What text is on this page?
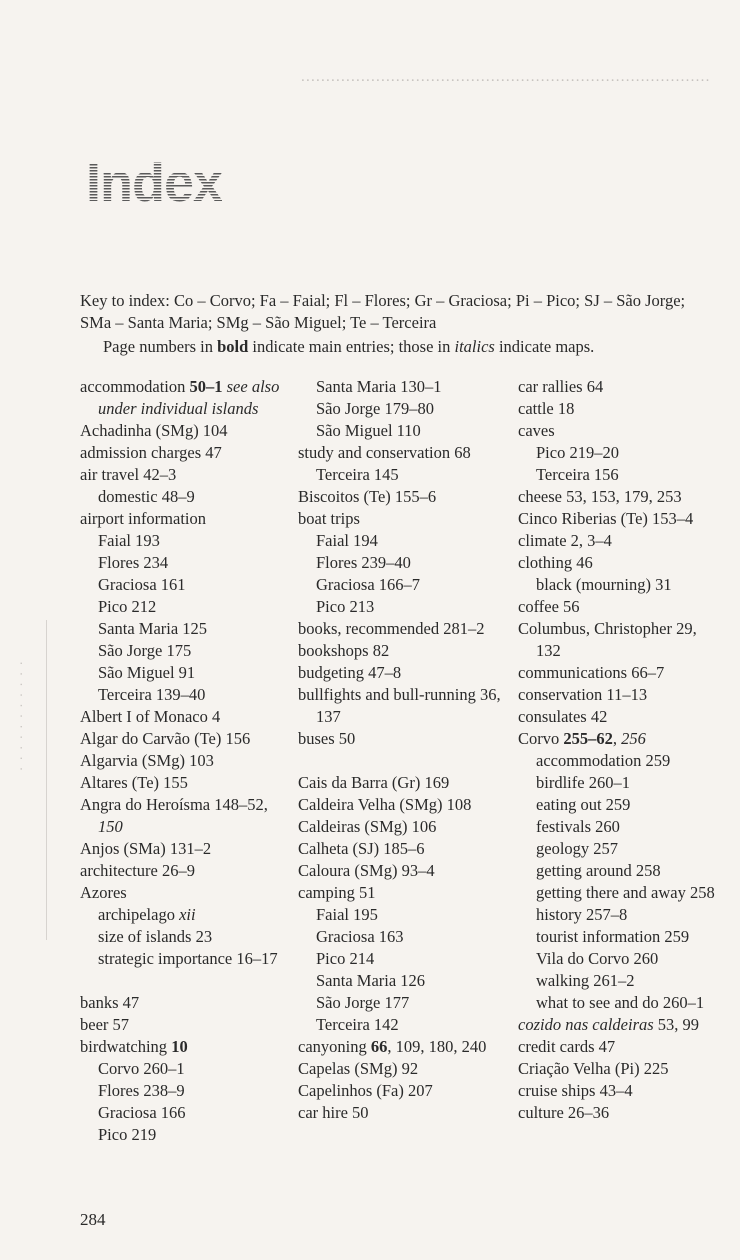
··················································································
· · · · · · · · · · ·
Index

Key to index: Co – Corvo; Fa – Faial; Fl – Flores; Gr – Graciosa; Pi – Pico; SJ – São Jorge; SMa – Santa Maria; SMg – São Miguel; Te – Terceira

Page numbers in bold indicate main entries; those in italics indicate maps.

accommodation 50–1 see also under individual islands
Achadinha (SMg) 104
admission charges 47
air travel 42–3
domestic 48–9
airport information
Faial 193
Flores 234
Graciosa 161
Pico 212
Santa Maria 125
São Jorge 175
São Miguel 91
Terceira 139–40
Albert I of Monaco 4
Algar do Carvão (Te) 156
Algarvia (SMg) 103
Altares (Te) 155
Angra do Heroísma 148–52, 150
Anjos (SMa) 131–2
architecture 26–9
Azores
archipelago xii
size of islands 23
strategic importance 16–17
banks 47
beer 57
birdwatching 10
Corvo 260–1
Flores 238–9
Graciosa 166
Pico 219
Santa Maria 130–1
São Jorge 179–80
São Miguel 110
study and conservation 68
Terceira 145
Biscoitos (Te) 155–6
boat trips
Faial 194
Flores 239–40
Graciosa 166–7
Pico 213
books, recommended 281–2
bookshops 82
budgeting 47–8
bullfights and bull-running 36, 137
buses 50
Cais da Barra (Gr) 169
Caldeira Velha (SMg) 108
Caldeiras (SMg) 106
Calheta (SJ) 185–6
Caloura (SMg) 93–4
camping 51
Faial 195
Graciosa 163
Pico 214
Santa Maria 126
São Jorge 177
Terceira 142
canyoning 66, 109, 180, 240
Capelas (SMg) 92
Capelinhos (Fa) 207
car hire 50
car rallies 64
cattle 18
caves
Pico 219–20
Terceira 156
cheese 53, 153, 179, 253
Cinco Riberias (Te) 153–4
climate 2, 3–4
clothing 46
black (mourning) 31
coffee 56
Columbus, Christopher 29, 132
communications 66–7
conservation 11–13
consulates 42
Corvo 255–62, 256
accommodation 259
birdlife 260–1
eating out 259
festivals 260
geology 257
getting around 258
getting there and away 258
history 257–8
tourist information 259
Vila do Corvo 260
walking 261–2
what to see and do 260–1
cozido nas caldeiras 53, 99
credit cards 47
Criação Velha (Pi) 225
cruise ships 43–4
culture 26–36
284
